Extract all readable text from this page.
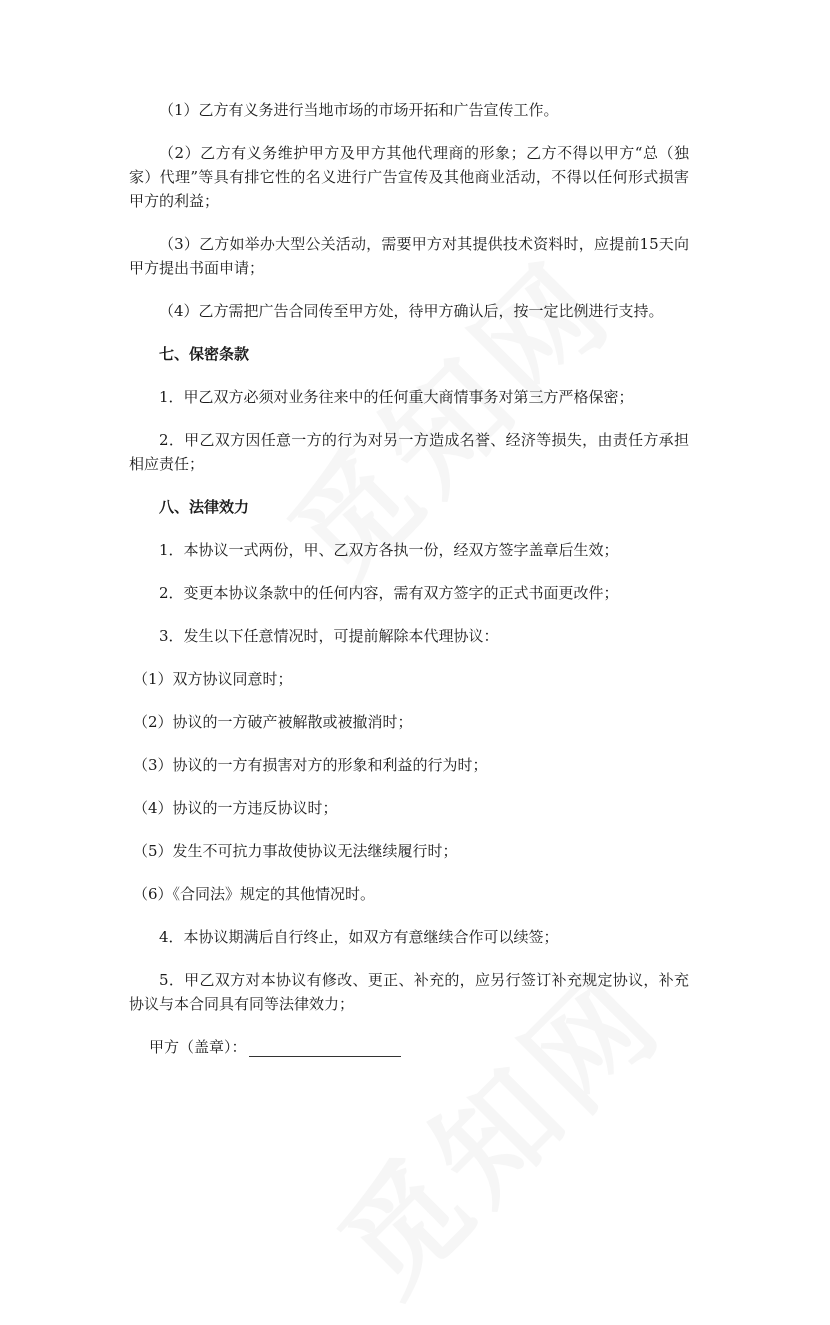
（1）乙方有义务进行当地市场的市场开拓和广告宣传工作。

（2）乙方有义务维护甲方及甲方其他代理商的形象；乙方不得以甲方“总（独家）代理”等具有排它性的名义进行广告宣传及其他商业活动，不得以任何形式损害甲方的利益；

（3）乙方如举办大型公关活动，需要甲方对其提供技术资料时，应提前15天向甲方提出书面申请；

（4）乙方需把广告合同传至甲方处，待甲方确认后，按一定比例进行支持。

七、保密条款

1．甲乙双方必须对业务往来中的任何重大商情事务对第三方严格保密；

2．甲乙双方因任意一方的行为对另一方造成名誉、经济等损失，由责任方承担相应责任；

八、法律效力

1．本协议一式两份，甲、乙双方各执一份，经双方签字盖章后生效；

2．变更本协议条款中的任何内容，需有双方签字的正式书面更改件；

3．发生以下任意情况时，可提前解除本代理协议：

（1）双方协议同意时；

（2）协议的一方破产被解散或被撤消时；

（3）协议的一方有损害对方的形象和利益的行为时；

（4）协议的一方违反协议时；

（5）发生不可抗力事故使协议无法继续履行时；

（6）《合同法》规定的其他情况时。

4．本协议期满后自行终止，如双方有意继续合作可以续签；

5．甲乙双方对本协议有修改、更正、补充的，应另行签订补充规定协议，补充协议与本合同具有同等法律效力；

甲方（盖章）：
